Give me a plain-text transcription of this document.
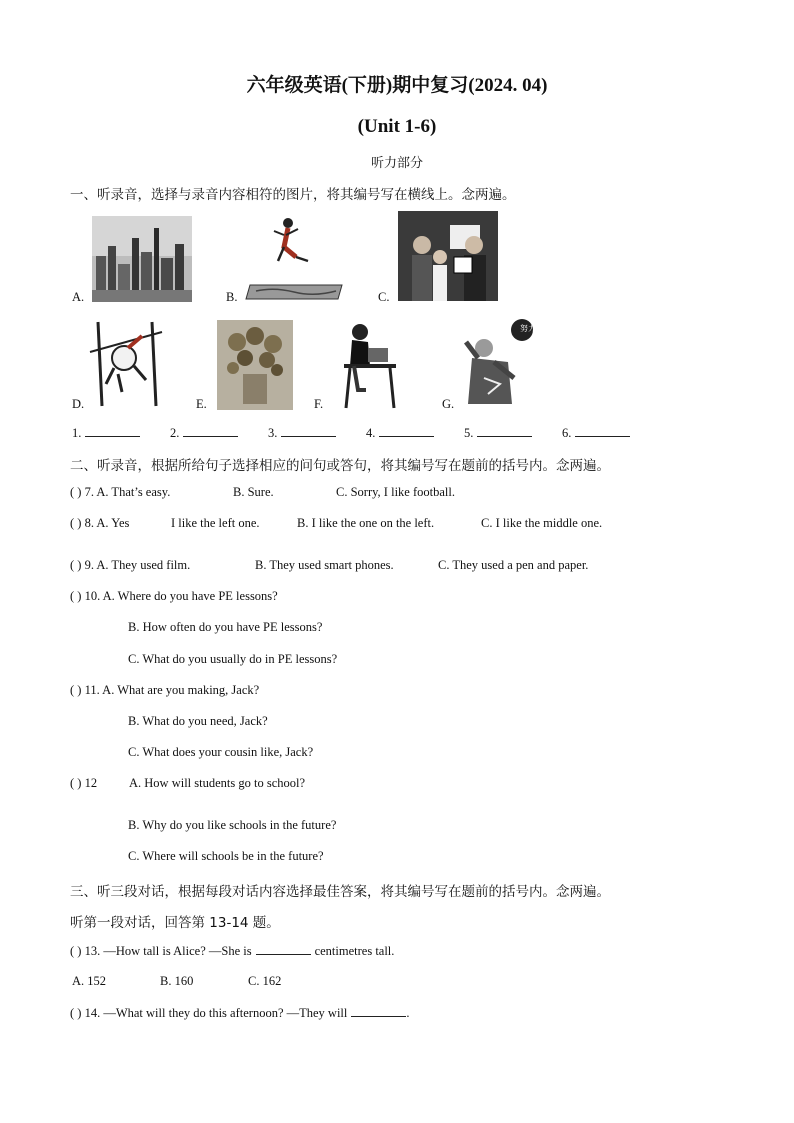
六年级英语(下册)期中复习(2024. 04)
(Unit 1-6)
听力部分
一、听录音，选择与录音内容相符的图片，将其编号写在横线上。念两遍。
A.	B.	C.
D.	E.	F.
努力
G.
1.	2.	3.	4.	5.	6.
二、听录音，根据所给句子选择相应的问句或答句，将其编号写在题前的括号内。念两遍。
( ) 7. A. That’s easy.	B. Sure.	C. Sorry, I like football.
( ) 8. A. Yes	I like the left one.	B. I like the one on the left.	C. I like the middle one.
( ) 9. A. They used film.	B. They used smart phones.	C. They used a pen and paper.
( ) 10. A. Where do you have PE lessons?
B. How often do you have PE lessons?
C. What do you usually do in PE lessons?
( ) 11. A. What are you making, Jack?
B. What do you need, Jack?
C. What does your cousin like, Jack?
( ) 12	A. How will students go to school?
B. Why do you like schools in the future?
C. Where will schools be in the future?
三、听三段对话，根据每段对话内容选择最佳答案，将其编号写在题前的括号内。念两遍。
听第一段对话，回答第 13-14 题。
( ) 13. —How tall is Alice? —She is	centimetres tall.
A. 152	B. 160	C. 162
( ) 14. —What will they do this afternoon? —They will	.
